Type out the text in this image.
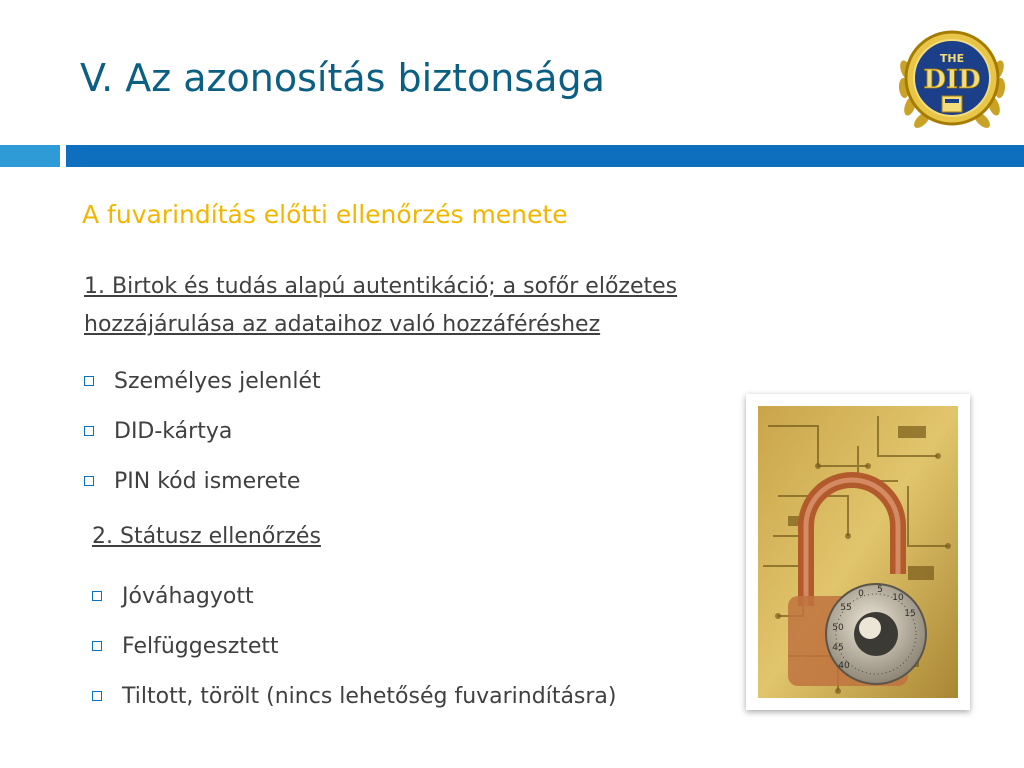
V. Az azonosítás biztonsága	THE
DID
A fuvarindítás előtti ellenőrzés menete
1. Birtok és tudás alapú autentikáció; a sofőr előzetes
hozzájárulása az adataihoz való hozzáféréshez
Személyes jelenlét
DID-kártya
PIN kód ismerete
2. Státusz ellenőrzés
Jóváhagyott
Felfüggesztett
Tiltott, törölt (nincs lehetőség fuvarindításra)
40
45
50
55
0 5
10
15
